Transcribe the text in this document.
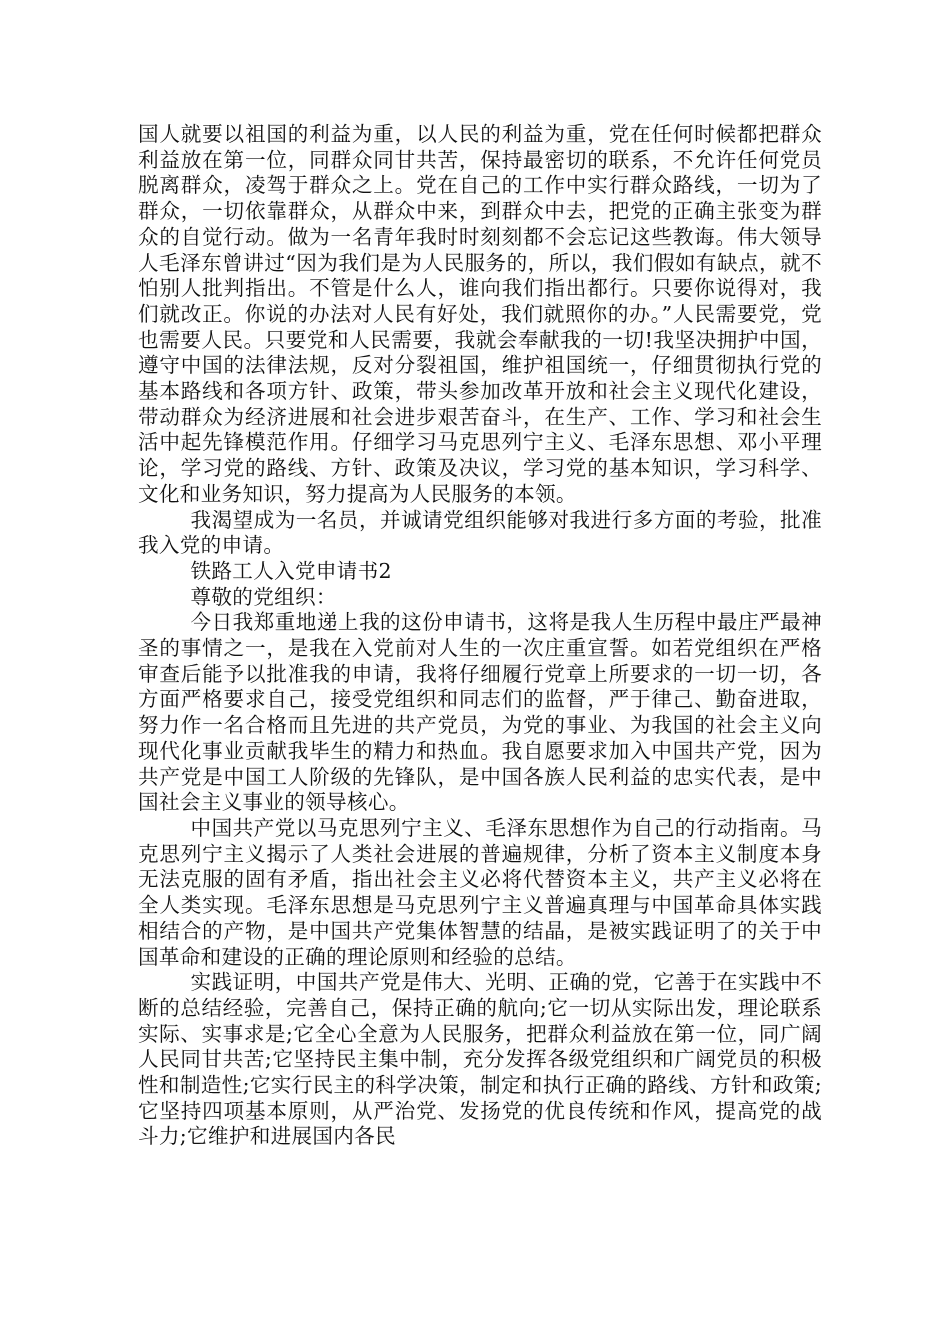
国人就要以祖国的利益为重，以人民的利益为重，党在任何时候都把群众利益放在第一位，同群众同甘共苦，保持最密切的联系，不允许任何党员脱离群众，凌驾于群众之上。党在自己的工作中实行群众路线，一切为了群众，一切依靠群众，从群众中来，到群众中去，把党的正确主张变为群众的自觉行动。做为一名青年我时时刻刻都不会忘记这些教诲。伟大领导人毛泽东曾讲过“因为我们是为人民服务的，所以，我们假如有缺点，就不怕别人批判指出。不管是什么人，谁向我们指出都行。只要你说得对，我们就改正。你说的办法对人民有好处，我们就照你的办。”人民需要党，党也需要人民。只要党和人民需要，我就会奉献我的一切!我坚决拥护中国，遵守中国的法律法规，反对分裂祖国，维护祖国统一，仔细贯彻执行党的基本路线和各项方针、政策，带头参加改革开放和社会主义现代化建设，带动群众为经济进展和社会进步艰苦奋斗，在生产、工作、学习和社会生活中起先锋模范作用。仔细学习马克思列宁主义、毛泽东思想、邓小平理论，学习党的路线、方针、政策及决议，学习党的基本知识，学习科学、文化和业务知识，努力提高为人民服务的本领。

我渴望成为一名员，并诚请党组织能够对我进行多方面的考验，批准我入党的申请。

铁路工人入党申请书2

尊敬的党组织：

今日我郑重地递上我的这份申请书，这将是我人生历程中最庄严最神圣的事情之一，是我在入党前对人生的一次庄重宣誓。如若党组织在严格审查后能予以批准我的申请，我将仔细履行党章上所要求的一切一切，各方面严格要求自己，接受党组织和同志们的监督，严于律己、勤奋进取，努力作一名合格而且先进的共产党员，为党的事业、为我国的社会主义向现代化事业贡献我毕生的精力和热血。我自愿要求加入中国共产党，因为共产党是中国工人阶级的先锋队，是中国各族人民利益的忠实代表，是中国社会主义事业的领导核心。

中国共产党以马克思列宁主义、毛泽东思想作为自己的行动指南。马克思列宁主义揭示了人类社会进展的普遍规律，分析了资本主义制度本身无法克服的固有矛盾，指出社会主义必将代替资本主义，共产主义必将在全人类实现。毛泽东思想是马克思列宁主义普遍真理与中国革命具体实践相结合的产物，是中国共产党集体智慧的结晶，是被实践证明了的关于中国革命和建设的正确的理论原则和经验的总结。

实践证明，中国共产党是伟大、光明、正确的党，它善于在实践中不断的总结经验，完善自己，保持正确的航向;它一切从实际出发，理论联系实际、实事求是;它全心全意为人民服务，把群众利益放在第一位，同广阔人民同甘共苦;它坚持民主集中制，充分发挥各级党组织和广阔党员的积极性和制造性;它实行民主的科学决策，制定和执行正确的路线、方针和政策;它坚持四项基本原则，从严治党、发扬党的优良传统和作风，提高党的战斗力;它维护和进展国内各民
